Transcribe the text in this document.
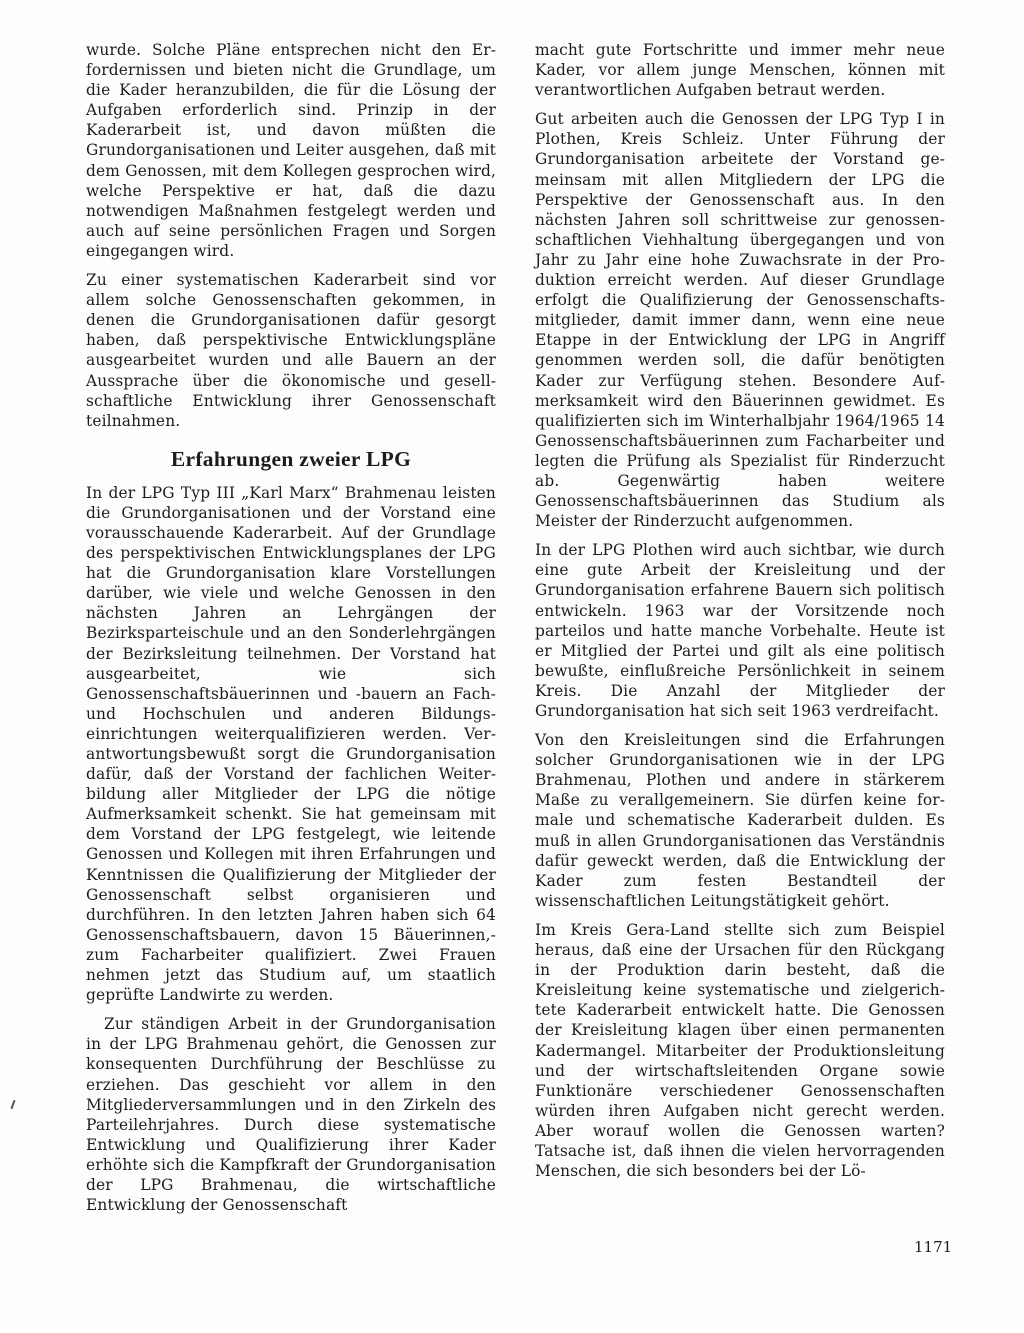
wurde. Solche Pläne entsprechen nicht den Erfordernissen und bieten nicht die Grundlage, um die Kader heranzubilden, die für die Lösung der Aufgaben erforderlich sind. Prinzip in der Kaderarbeit ist, und davon müßten die Grundorganisationen und Leiter ausgehen, daß mit dem Genossen, mit dem Kollegen gesprochen wird, welche Perspektive er hat, daß die dazu notwendigen Maßnahmen festgelegt werden und auch auf seine persönlichen Fragen und Sorgen eingegangen wird.

Zu einer systematischen Kaderarbeit sind vor allem solche Genossenschaften gekommen, in denen die Grundorganisationen dafür gesorgt haben, daß perspektivische Entwicklungspläne ausgearbeitet wurden und alle Bauern an der Aussprache über die ökonomische und gesellschaftliche Entwicklung ihrer Genossenschaft teilnahmen.

Erfahrungen zweier LPG

In der LPG Typ III „Karl Marx“ Brahmenau leisten die Grundorganisationen und der Vorstand eine vorausschauende Kaderarbeit. Auf der Grundlage des perspektivischen Entwicklungsplanes der LPG hat die Grundorganisation klare Vorstellungen darüber, wie viele und welche Genossen in den nächsten Jahren an Lehrgängen der Bezirksparteischule und an den Sonderlehrgängen der Bezirksleitung teilnehmen. Der Vorstand hat ausgearbeitet, wie sich Genossenschaftsbäuerinnen und -bauern an Fach- und Hochschulen und anderen Bildungseinrichtungen weiterqualifizieren werden. Verantwortungsbewußt sorgt die Grundorganisation dafür, daß der Vorstand der fachlichen Weiterbildung aller Mitglieder der LPG die nötige Aufmerksamkeit schenkt. Sie hat gemeinsam mit dem Vorstand der LPG festgelegt, wie leitende Genossen und Kollegen mit ihren Erfahrungen und Kenntnissen die Qualifizierung der Mitglieder der Genossenschaft selbst organisieren und durchführen. In den letzten Jahren haben sich 64 Genossenschaftsbauern, davon 15 Bäuerinnen,- zum Facharbeiter qualifiziert. Zwei Frauen nehmen jetzt das Studium auf, um staatlich geprüfte Landwirte zu werden.

Zur ständigen Arbeit in der Grundorganisation in der LPG Brahmenau gehört, die Genossen zur konsequenten Durchführung der Beschlüsse zu erziehen. Das geschieht vor allem in den Mitgliederversammlungen und in den Zirkeln des Parteilehrjahres. Durch diese systematische Entwicklung und Qualifizierung ihrer Kader erhöhte sich die Kampfkraft der Grundorganisation der LPG Brahmenau, die wirtschaftliche Entwicklung der Genossenschaft

macht gute Fortschritte und immer mehr neue Kader, vor allem junge Menschen, können mit verantwortlichen Aufgaben betraut werden.

Gut arbeiten auch die Genossen der LPG Typ I in Plothen, Kreis Schleiz. Unter Führung der Grundorganisation arbeitete der Vorstand gemeinsam mit allen Mitgliedern der LPG die Perspektive der Genossenschaft aus. In den nächsten Jahren soll schrittweise zur genossenschaftlichen Viehhaltung übergegangen und von Jahr zu Jahr eine hohe Zuwachsrate in der Produktion erreicht werden. Auf dieser Grundlage erfolgt die Qualifizierung der Genossenschaftsmitglieder, damit immer dann, wenn eine neue Etappe in der Entwicklung der LPG in Angriff genommen werden soll, die dafür benötigten Kader zur Verfügung stehen. Besondere Aufmerksamkeit wird den Bäuerinnen gewidmet. Es qualifizierten sich im Winterhalbjahr 1964/1965 14 Genossenschaftsbäuerinnen zum Facharbeiter und legten die Prüfung als Spezialist für Rinderzucht ab. Gegenwärtig haben weitere Genossenschaftsbäuerinnen das Studium als Meister der Rinderzucht aufgenommen.

In der LPG Plothen wird auch sichtbar, wie durch eine gute Arbeit der Kreisleitung und der Grundorganisation erfahrene Bauern sich politisch entwickeln. 1963 war der Vorsitzende noch parteilos und hatte manche Vorbehalte. Heute ist er Mitglied der Partei und gilt als eine politisch bewußte, einflußreiche Persönlichkeit in seinem Kreis. Die Anzahl der Mitglieder der Grundorganisation hat sich seit 1963 verdreifacht.

Von den Kreisleitungen sind die Erfahrungen solcher Grundorganisationen wie in der LPG Brahmenau, Plothen und andere in stärkerem Maße zu verallgemeinern. Sie dürfen keine formale und schematische Kaderarbeit dulden. Es muß in allen Grundorganisationen das Verständnis dafür geweckt werden, daß die Entwicklung der Kader zum festen Bestandteil der wissenschaftlichen Leitungstätigkeit gehört.

Im Kreis Gera-Land stellte sich zum Beispiel heraus, daß eine der Ursachen für den Rückgang in der Produktion darin besteht, daß die Kreisleitung keine systematische und zielgerichtete Kaderarbeit entwickelt hatte. Die Genossen der Kreisleitung klagen über einen permanenten Kadermangel. Mitarbeiter der Produktionsleitung und der wirtschaftsleitenden Organe sowie Funktionäre verschiedener Genossenschaften würden ihren Aufgaben nicht gerecht werden. Aber worauf wollen die Genossen warten? Tatsache ist, daß ihnen die vielen hervorragenden Menschen, die sich besonders bei der Lö-

1171
